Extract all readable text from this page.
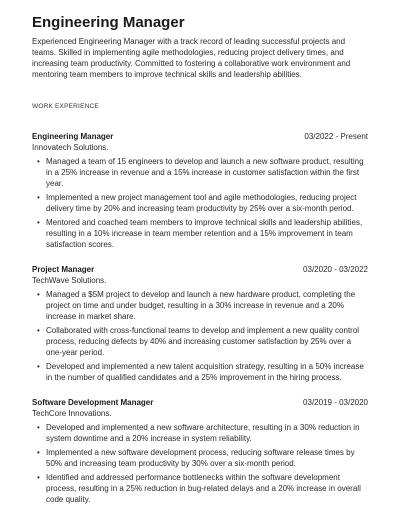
Engineering Manager

Experienced Engineering Manager with a track record of leading successful projects and teams. Skilled in implementing agile methodologies, reducing project delivery times, and increasing team productivity. Committed to fostering a collaborative work environment and mentoring team members to improve technical skills and leadership abilities.

WORK EXPERIENCE
Engineering Manager	03/2022 - Present
Innovatech Solutions.
• Managed a team of 15 engineers to develop and launch a new software product, resulting in a 25% increase in revenue and a 15% increase in customer satisfaction within the first year.
• Implemented a new project management tool and agile methodologies, reducing project delivery time by 20% and increasing team productivity by 25% over a six-month period.
• Mentored and coached team members to improve technical skills and leadership abilities, resulting in a 10% increase in team member retention and a 15% improvement in team satisfaction scores.
Project Manager	03/2020 - 03/2022
TechWave Solutions.
• Managed a $5M project to develop and launch a new hardware product, completing the project on time and under budget, resulting in a 30% increase in revenue and a 20% increase in market share.
• Collaborated with cross-functional teams to develop and implement a new quality control process, reducing defects by 40% and increasing customer satisfaction by 25% over a one-year period.
• Developed and implemented a new talent acquisition strategy, resulting in a 50% increase in the number of qualified candidates and a 25% improvement in the hiring process.
Software Development Manager	03/2019 - 03/2020
TechCore Innovations.
• Developed and implemented a new software architecture, resulting in a 30% reduction in system downtime and a 20% increase in system reliability.
• Implemented a new software development process, reducing software release times by 50% and increasing team productivity by 30% over a six-month period.
• Identified and addressed performance bottlenecks within the software development process, resulting in a 25% reduction in bug-related delays and a 20% increase in overall code quality.
